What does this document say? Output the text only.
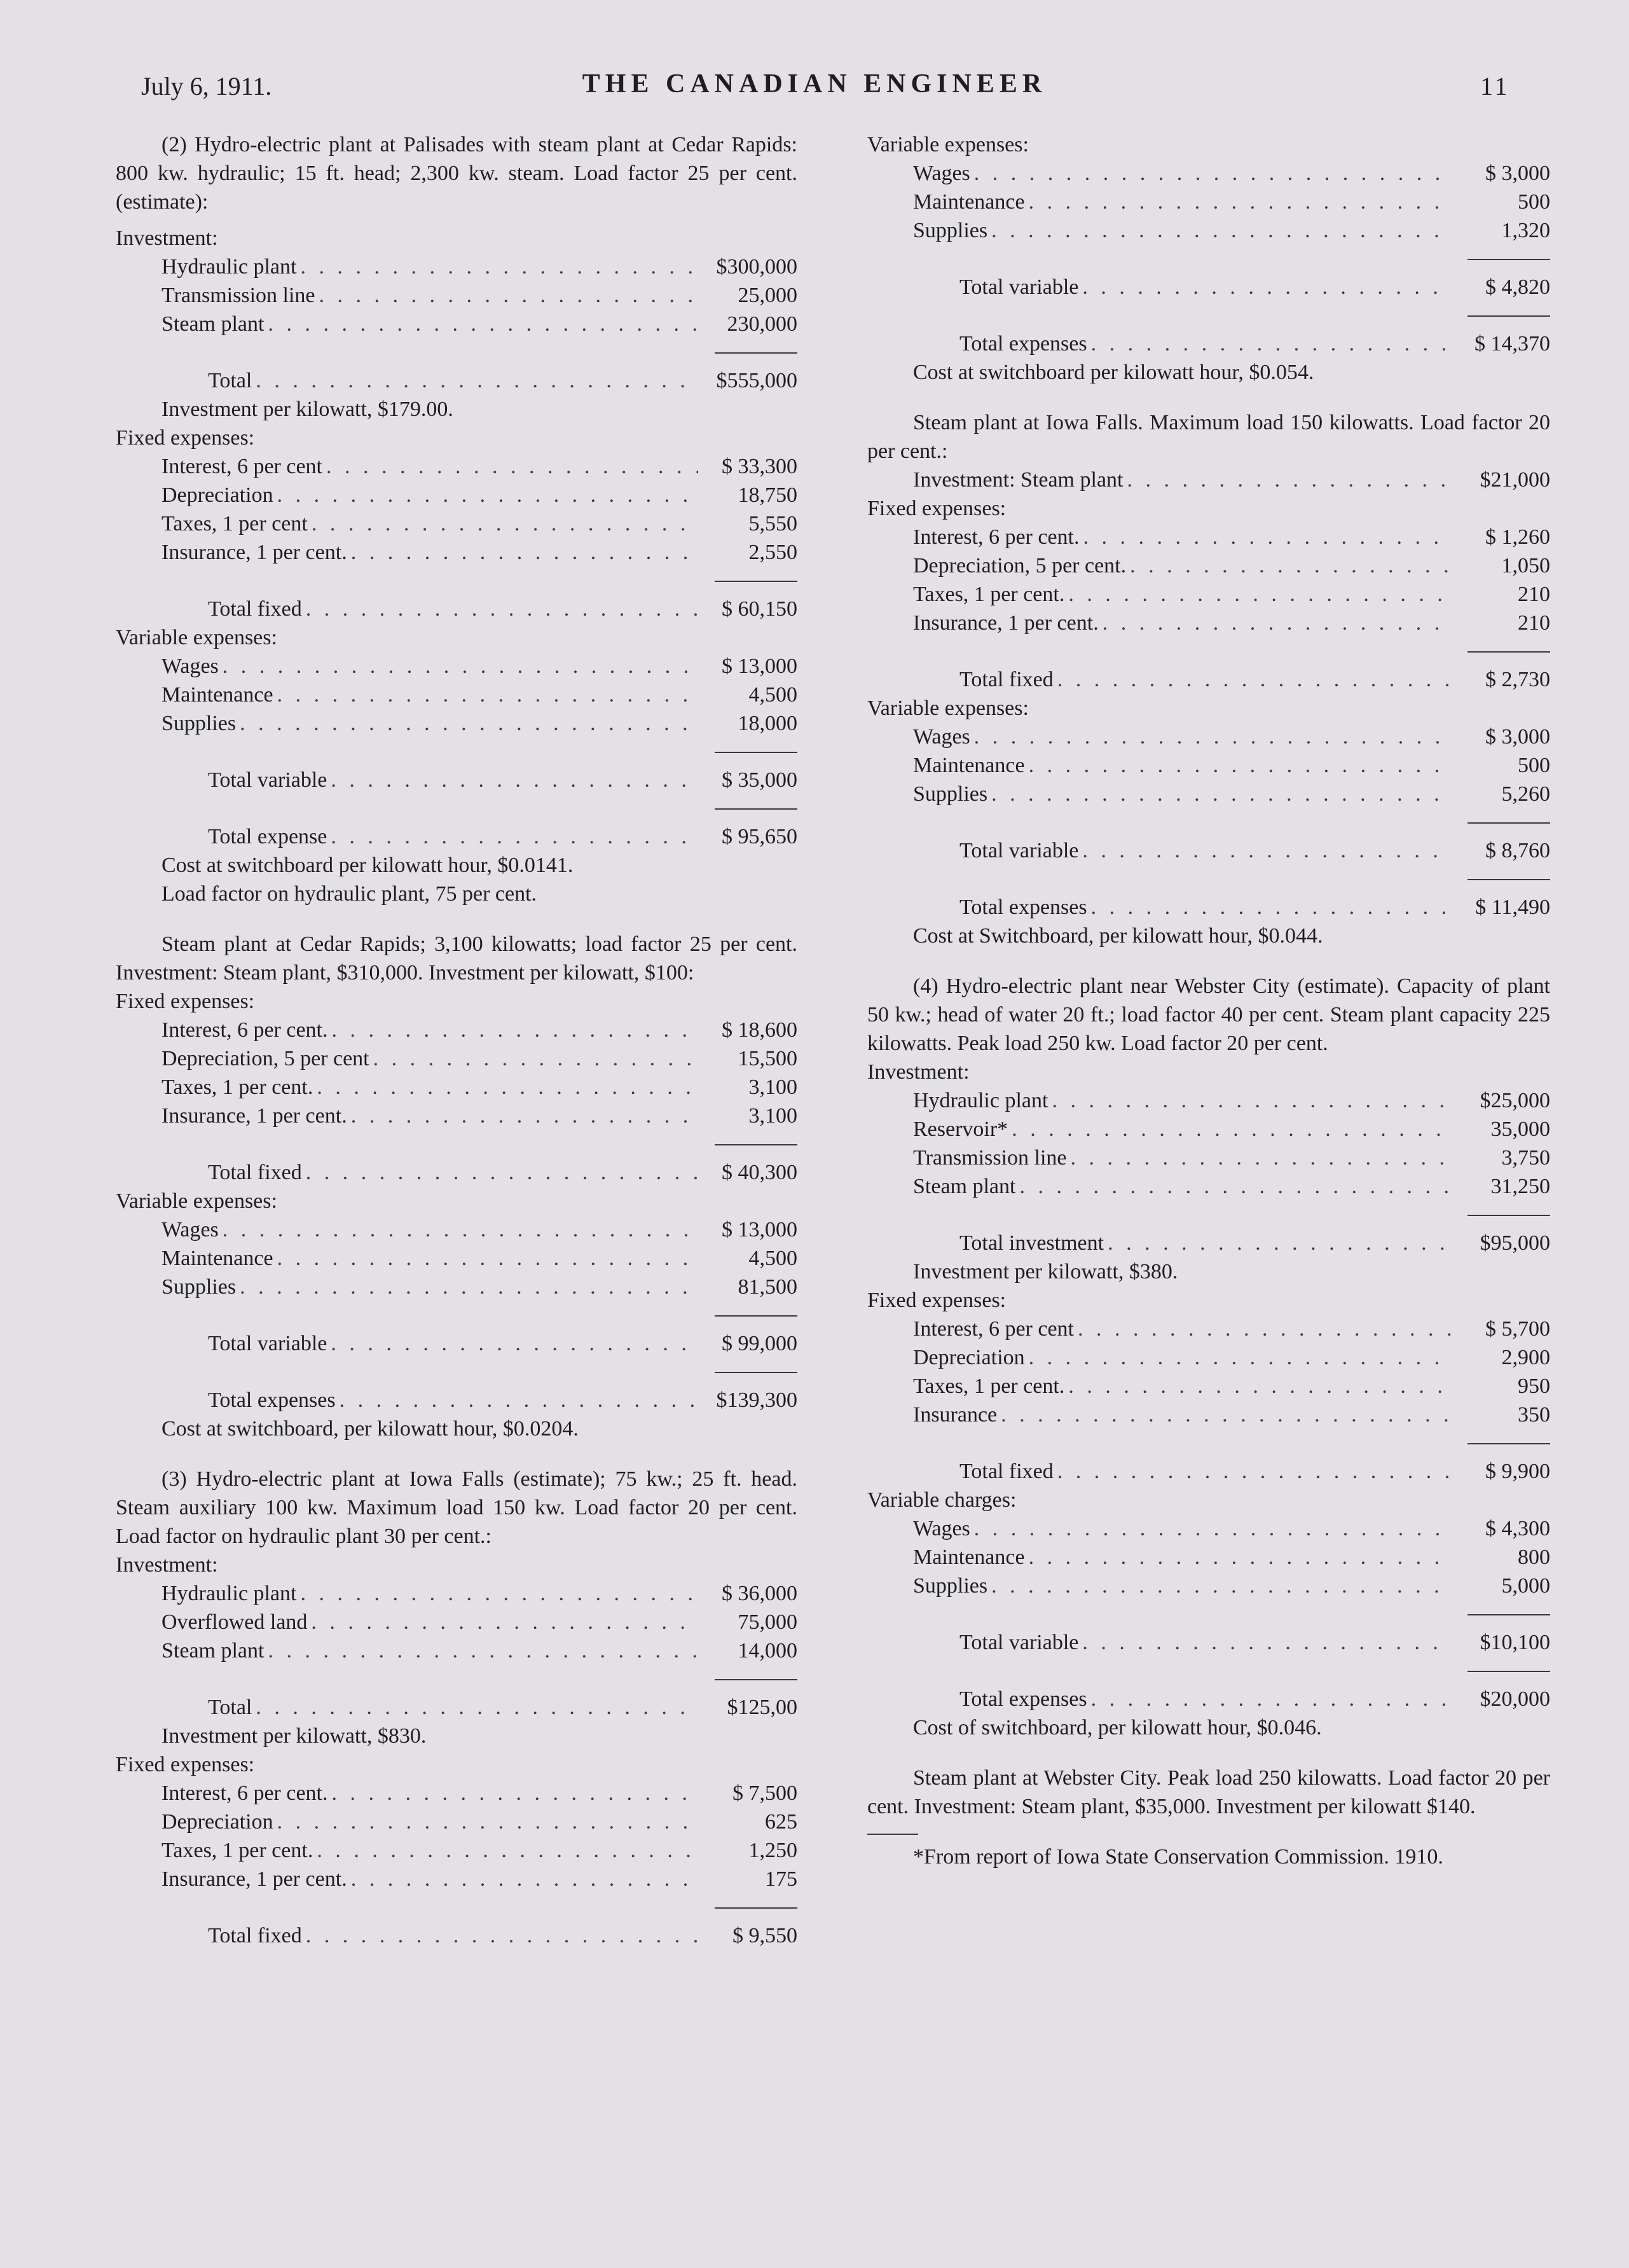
July 6, 1911.	THE CANADIAN ENGINEER	11

(2) Hydro-electric plant at Palisades with steam plant at Cedar Rapids: 800 kw. hydraulic; 15 ft. head; 2,300 kw. steam. Load factor 25 per cent. (estimate):

Investment:

Hydraulic plant . . .	$300,000
Transmission line . . .	25,000
Steam plant . . .	230,000
Total . . .	$555,000

Investment per kilowatt, $179.00.

Fixed expenses:

Interest, 6 per cent . . .	$ 33,300
Depreciation . . .	18,750
Taxes, 1 per cent . . .	5,550
Insurance, 1 per cent. . . .	2,550
Total fixed . . .	$ 60,150

Variable expenses:

Wages . . .	$ 13,000
Maintenance . . .	4,500
Supplies . . .	18,000
Total variable . . .	$ 35,000
Total expense . . .	$ 95,650

Cost at switchboard per kilowatt hour, $0.0141.

Load factor on hydraulic plant, 75 per cent.

Steam plant at Cedar Rapids; 3,100 kilowatts; load factor 25 per cent. Investment: Steam plant, $310,000. Investment per kilowatt, $100:

Fixed expenses:

Interest, 6 per cent. . . .	$ 18,600
Depreciation, 5 per cent . . .	15,500
Taxes, 1 per cent. . . .	3,100
Insurance, 1 per cent. . . .	3,100
Total fixed . . .	$ 40,300

Variable expenses:

Wages . . .	$ 13,000
Maintenance . . .	4,500
Supplies . . .	81,500
Total variable . . .	$ 99,000
Total expenses . . .	$139,300

Cost at switchboard, per kilowatt hour, $0.0204.

(3) Hydro-electric plant at Iowa Falls (estimate); 75 kw.; 25 ft. head. Steam auxiliary 100 kw. Maximum load 150 kw. Load factor 20 per cent. Load factor on hydraulic plant 30 per cent.:

Investment:

Hydraulic plant . . .	$ 36,000
Overflowed land . . .	75,000
Steam plant . . .	14,000
Total . . .	$125,00

Investment per kilowatt, $830.

Fixed expenses:

Interest, 6 per cent. . . .	$ 7,500
Depreciation . . .	625
Taxes, 1 per cent. . . .	1,250
Insurance, 1 per cent. . . .	175
Total fixed . . .	$ 9,550

Variable expenses:

Wages . . .	$ 3,000
Maintenance . . .	500
Supplies . . .	1,320
Total variable . . .	$ 4,820
Total expenses . . .	$ 14,370

Cost at switchboard per kilowatt hour, $0.054.

Steam plant at Iowa Falls. Maximum load 150 kilowatts. Load factor 20 per cent.:

Investment: Steam plant . . .	$21,000

Fixed expenses:

Interest, 6 per cent. . . .	$ 1,260
Depreciation, 5 per cent. . . .	1,050
Taxes, 1 per cent. . . .	210
Insurance, 1 per cent. . . .	210
Total fixed . . .	$ 2,730

Variable expenses:

Wages . . .	$ 3,000
Maintenance . . .	500
Supplies . . .	5,260
Total variable . . .	$ 8,760
Total expenses . . .	$ 11,490

Cost at Switchboard, per kilowatt hour, $0.044.

(4) Hydro-electric plant near Webster City (estimate). Capacity of plant 50 kw.; head of water 20 ft.; load factor 40 per cent. Steam plant capacity 225 kilowatts. Peak load 250 kw. Load factor 20 per cent.

Investment:

Hydraulic plant . . .	$25,000
Reservoir* . . .	35,000
Transmission line . . .	3,750
Steam plant . . .	31,250
Total investment . . .	$95,000

Investment per kilowatt, $380.

Fixed expenses:

Interest, 6 per cent . . .	$ 5,700
Depreciation . . .	2,900
Taxes, 1 per cent. . . .	950
Insurance . . .	350
Total fixed . . .	$ 9,900

Variable charges:

Wages . . .	$ 4,300
Maintenance . . .	800
Supplies . . .	5,000
Total variable . . .	$10,100
Total expenses . . .	$20,000

Cost of switchboard, per kilowatt hour, $0.046.

Steam plant at Webster City. Peak load 250 kilowatts. Load factor 20 per cent. Investment: Steam plant, $35,000. Investment per kilowatt $140.

*From report of Iowa State Conservation Commission. 1910.
